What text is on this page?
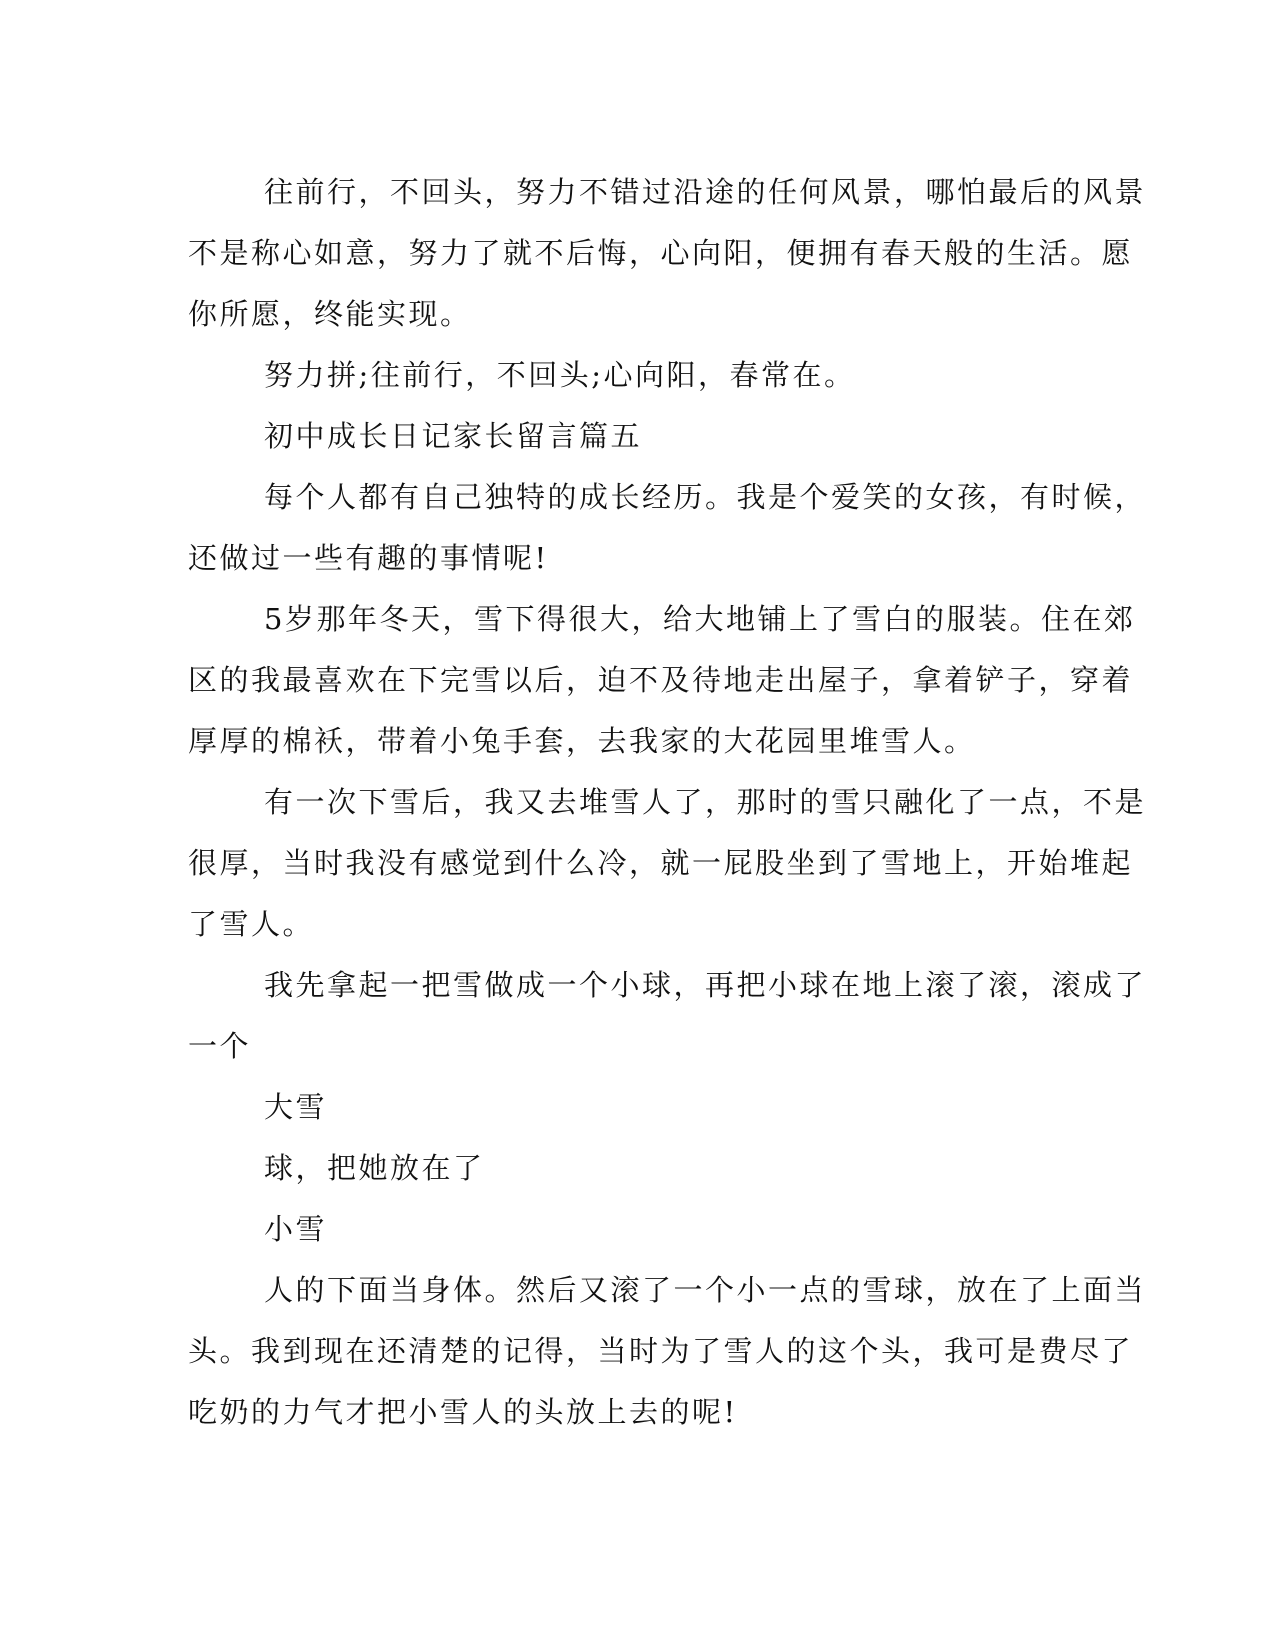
往前行，不回头，努力不错过沿途的任何风景，哪怕最后的风景
不是称心如意，努力了就不后悔，心向阳，便拥有春天般的生活。愿
你所愿，终能实现。

努力拼;往前行，不回头;心向阳，春常在。

初中成长日记家长留言篇五

每个人都有自己独特的成长经历。我是个爱笑的女孩，有时候，
还做过一些有趣的事情呢!

5岁那年冬天，雪下得很大，给大地铺上了雪白的服装。住在郊
区的我最喜欢在下完雪以后，迫不及待地走出屋子，拿着铲子，穿着
厚厚的棉袄，带着小兔手套，去我家的大花园里堆雪人。

有一次下雪后，我又去堆雪人了，那时的雪只融化了一点，不是
很厚，当时我没有感觉到什么冷，就一屁股坐到了雪地上，开始堆起
了雪人。

我先拿起一把雪做成一个小球，再把小球在地上滚了滚，滚成了
一个

大雪

球，把她放在了

小雪

人的下面当身体。然后又滚了一个小一点的雪球，放在了上面当
头。我到现在还清楚的记得，当时为了雪人的这个头，我可是费尽了
吃奶的力气才把小雪人的头放上去的呢!
